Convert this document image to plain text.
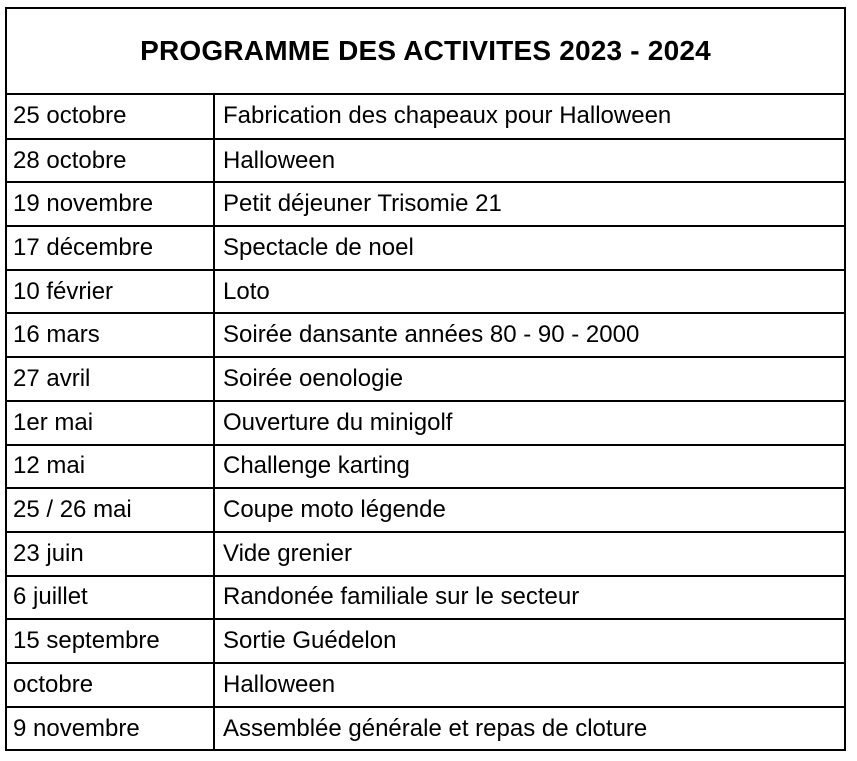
PROGRAMME DES ACTIVITES 2023 - 2024
25 octobre	Fabrication des chapeaux pour Halloween
28 octobre	Halloween
19 novembre	Petit déjeuner Trisomie 21
17 décembre	Spectacle de noel
10 février	Loto
16 mars	Soirée dansante années 80 - 90 - 2000
27 avril	Soirée oenologie
1er mai	Ouverture du minigolf
12 mai	Challenge karting
25 / 26 mai	Coupe moto légende
23 juin	Vide grenier
6 juillet	Randonée familiale sur le secteur
15 septembre	Sortie Guédelon
octobre	Halloween
9 novembre	Assemblée générale et repas de cloture
